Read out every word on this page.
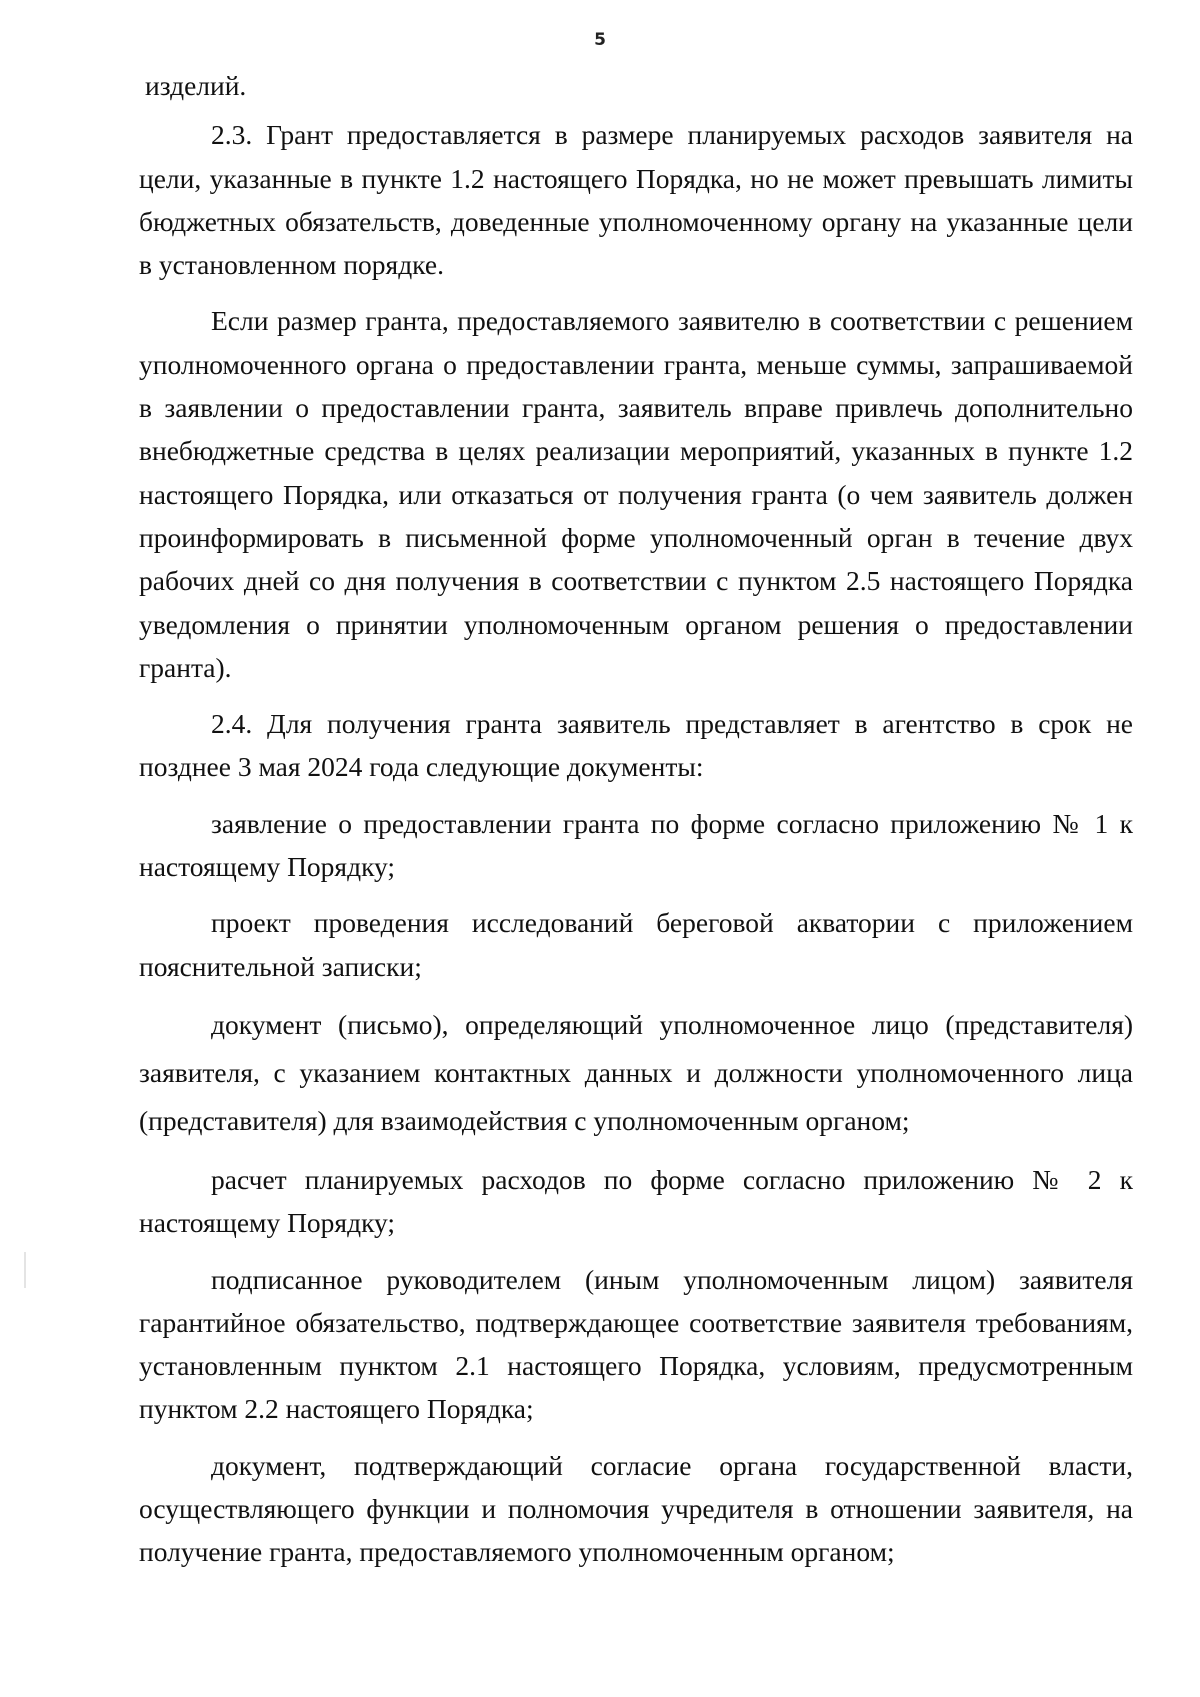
5

изделий.

2.3. Грант предоставляется в размере планируемых расходов заявителя на цели, указанные в пункте 1.2 настоящего Порядка, но не может превышать лимиты бюджетных обязательств, доведенные уполномоченному органу на указанные цели в установленном порядке.

Если размер гранта, предоставляемого заявителю в соответствии с решением уполномоченного органа о предоставлении гранта, меньше суммы, запрашиваемой в заявлении о предоставлении гранта, заявитель вправе привлечь дополнительно внебюджетные средства в целях реализации мероприятий, указанных в пункте 1.2 настоящего Порядка, или отказаться от получения гранта (о чем заявитель должен проинформировать в письменной форме уполномоченный орган в течение двух рабочих дней со дня получения в соответствии с пунктом 2.5 настоящего Порядка уведомления о принятии уполномоченным органом решения о предоставлении гранта).

2.4. Для получения гранта заявитель представляет в агентство в срок не позднее 3 мая 2024 года следующие документы:

заявление о предоставлении гранта по форме согласно приложению № 1 к настоящему Порядку;

проект проведения исследований береговой акватории с приложением пояснительной записки;

документ (письмо), определяющий уполномоченное лицо (представителя) заявителя, с указанием контактных данных и должности уполномоченного лица (представителя) для взаимодействия с уполномоченным органом;

расчет планируемых расходов по форме согласно приложению № 2 к настоящему Порядку;

подписанное руководителем (иным уполномоченным лицом) заявителя гарантийное обязательство, подтверждающее соответствие заявителя требованиям, установленным пунктом 2.1 настоящего Порядка, условиям, предусмотренным пунктом 2.2 настоящего Порядка;

документ, подтверждающий согласие органа государственной власти, осуществляющего функции и полномочия учредителя в отношении заявителя, на получение гранта, предоставляемого уполномоченным органом;
